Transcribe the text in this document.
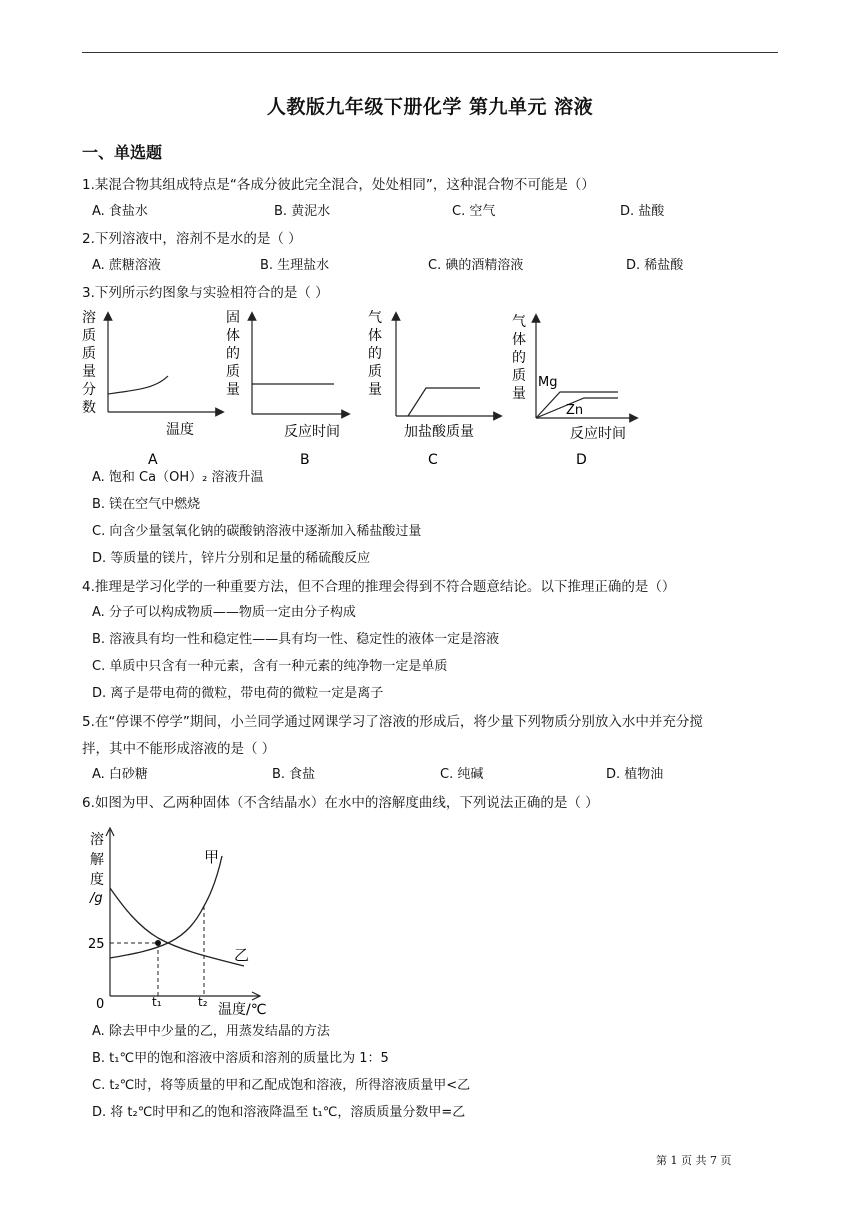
人教版九年级下册化学 第九单元 溶液
一、单选题
1.某混合物其组成特点是“各成分彼此完全混合，处处相同”，这种混合物不可能是（）
A. 食盐水	B. 黄泥水	C. 空气	D. 盐酸
2.下列溶液中，溶剂不是水的是（ ）
A. 蔗糖溶液	B. 生理盐水	C. 碘的酒精溶液	D. 稀盐酸
3.下列所示约图象与实验相符合的是（ ）
溶
质
质
量
分
数
温度
A
固
体
的
质
量
反应时间
B
气
体
的
质
量
加盐酸质量
C
气
体
的
质
量
Mg
Zn
反应时间
D
A. 饱和 Ca（OH）₂ 溶液升温
B. 镁在空气中燃烧
C. 向含少量氢氧化钠的碳酸钠溶液中逐渐加入稀盐酸过量
D. 等质量的镁片，锌片分别和足量的稀硫酸反应
4.推理是学习化学的一种重要方法，但不合理的推理会得到不符合题意结论。以下推理正确的是（）
A. 分子可以构成物质——物质一定由分子构成
B. 溶液具有均一性和稳定性——具有均一性、稳定性的液体一定是溶液
C. 单质中只含有一种元素，含有一种元素的纯净物一定是单质
D. 离子是带电荷的微粒，带电荷的微粒一定是离子
5.在“停课不停学”期间，小兰同学通过网课学习了溶液的形成后，将少量下列物质分别放入水中并充分搅
拌，其中不能形成溶液的是（ ）
A. 白砂糖	B. 食盐	C. 纯碱	D. 植物油
6.如图为甲、乙两种固体（不含结晶水）在水中的溶解度曲线，下列说法正确的是（ ）
溶
解
度
/g
甲
乙
25
0	t₁	t₂ 温度/℃
A. 除去甲中少量的乙，用蒸发结晶的方法
B. t₁℃甲的饱和溶液中溶质和溶剂的质量比为 1：5
C. t₂℃时，将等质量的甲和乙配成饱和溶液，所得溶液质量甲<乙
D. 将 t₂℃时甲和乙的饱和溶液降温至 t₁℃，溶质质量分数甲=乙
第 1 页 共 7 页
